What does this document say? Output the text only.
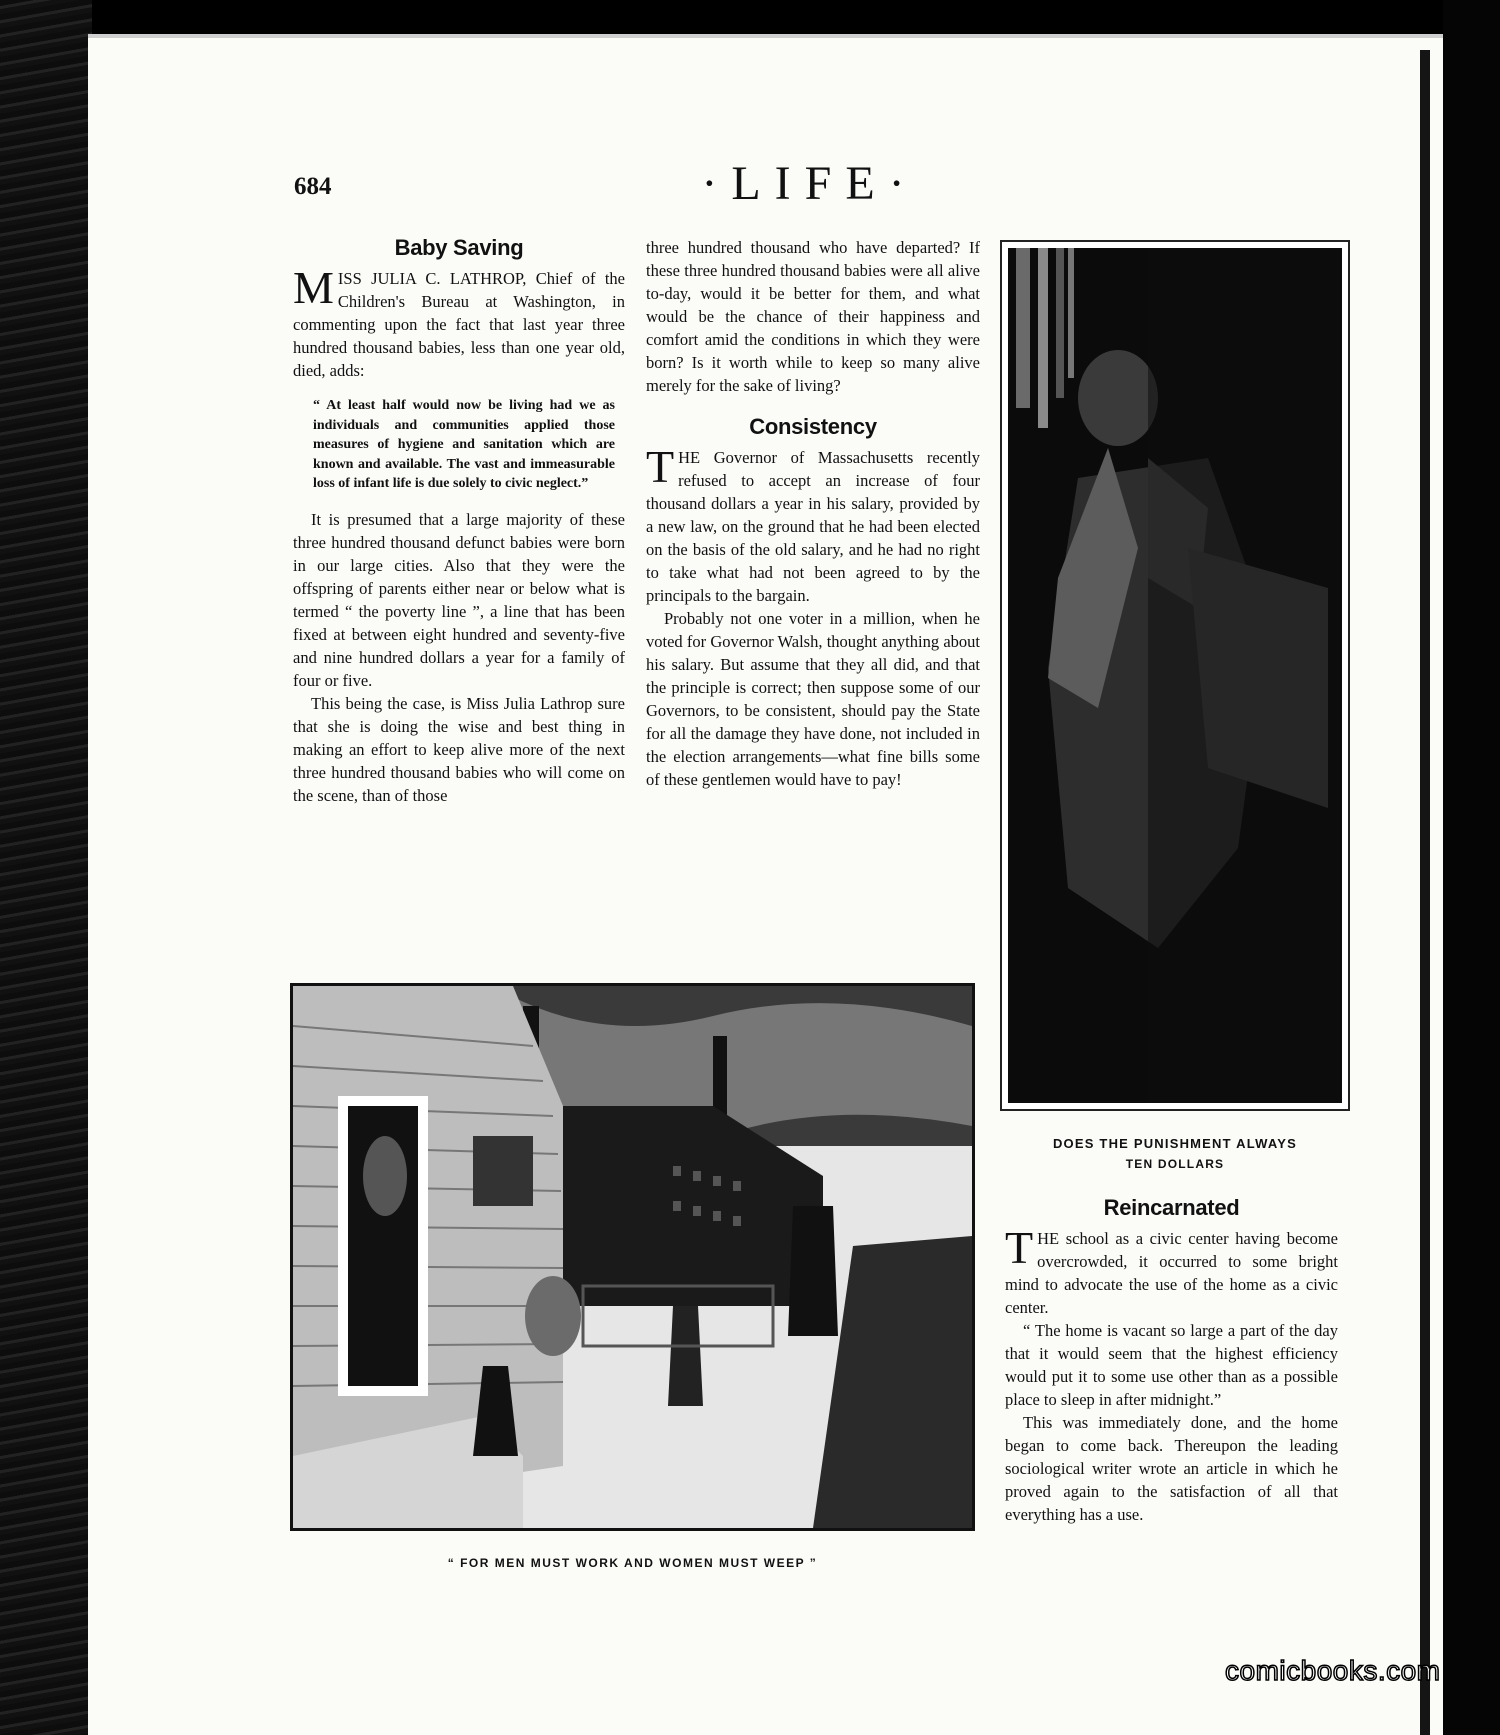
684	·LIFE·
Baby Saving

MISS JULIA C. LATHROP, Chief of the Children's Bureau at Washington, in commenting upon the fact that last year three hundred thousand babies, less than one year old, died, adds:

“ At least half would now be living had we as individuals and communities applied those measures of hygiene and sanitation which are known and available. The vast and immeasurable loss of infant life is due solely to civic neglect.”

It is presumed that a large majority of these three hundred thousand defunct babies were born in our large cities. Also that they were the offspring of parents either near or below what is termed “ the poverty line ”, a line that has been fixed at between eight hundred and seventy-five and nine hundred dollars a year for a family of four or five.

This being the case, is Miss Julia Lathrop sure that she is doing the wise and best thing in making an effort to keep alive more of the next three hundred thousand babies who will come on the scene, than of those

three hundred thousand who have departed? If these three hundred thousand babies were all alive to-day, would it be better for them, and what would be the chance of their happiness and comfort amid the conditions in which they were born? Is it worth while to keep so many alive merely for the sake of living?

Consistency

THE Governor of Massachusetts recently refused to accept an increase of four thousand dollars a year in his salary, provided by a new law, on the ground that he had been elected on the basis of the old salary, and he had no right to take what had not been agreed to by the principals to the bargain.

Probably not one voter in a million, when he voted for Governor Walsh, thought anything about his salary. But assume that they all did, and that the principle is correct; then suppose some of our Governors, to be consistent, should pay the State for all the damage they have done, not included in the election arrangements—what fine bills some of these gentlemen would have to pay!

DOES THE PUNISHMENT ALWAYS
TEN DOLLARS
“ FOR MEN MUST WORK AND WOMEN MUST WEEP ”
Reincarnated

THE school as a civic center having become overcrowded, it occurred to some bright mind to advocate the use of the home as a civic center.

“ The home is vacant so large a part of the day that it would seem that the highest efficiency would put it to some use other than as a possible place to sleep in after midnight.”

This was immediately done, and the home began to come back. Thereupon the leading sociological writer wrote an article in which he proved again to the satisfaction of all that everything has a use.

comicbooks.com
